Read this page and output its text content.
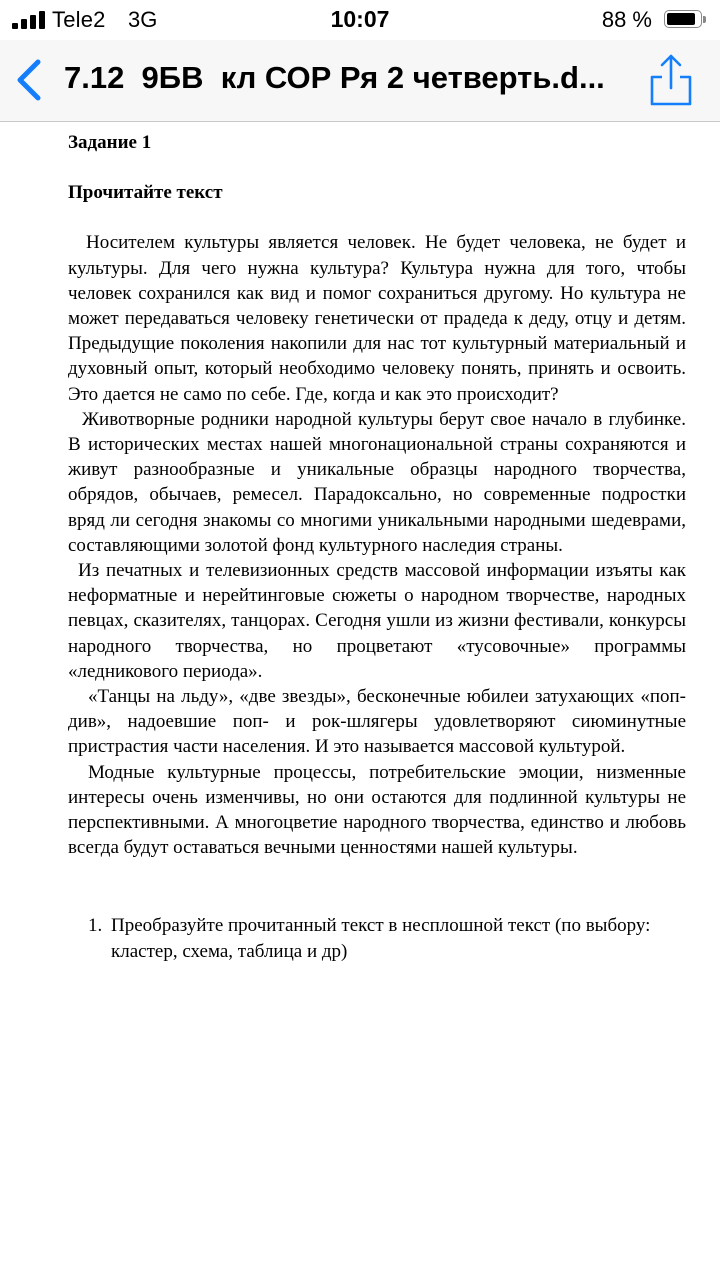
Tele2 3G	10:07	88 %
7.12  9БВ  кл СОР Ря 2 четверть.d...

Задание 1

Прочитайте текст

Носителем культуры является человек. Не будет человека, не будет и культуры. Для чего нужна культура? Культура нужна для того, чтобы человек сохранился как вид и помог сохраниться другому. Но культура не может передаваться человеку генетически от прадеда к деду, отцу и детям. Предыдущие поколения накопили для нас тот культурный материальный и духовный опыт, который необходимо человеку понять, принять и освоить. Это дается не само по себе. Где, когда и как это происходит?

Животворные родники народной культуры берут свое начало в глубинке. В исторических местах нашей многонациональной страны сохраняются и живут разнообразные и уникальные образцы народного творчества, обрядов, обычаев, ремесел. Парадоксально, но современные подростки вряд ли сегодня знакомы со многими уникальными народными шедеврами, составляющими золотой фонд культурного наследия страны.

Из печатных и телевизионных средств массовой информации изъяты как неформатные и нерейтинговые сюжеты о народном творчестве, народных певцах, сказителях, танцорах. Сегодня ушли из жизни фестивали, конкурсы народного творчества, но процветают «тусовочные» программы «ледникового периода».

«Танцы на льду», «две звезды», бесконечные юбилеи затухающих «поп-див», надоевшие поп- и рок-шлягеры удовлетворяют сиюминутные пристрастия части населения. И это называется массовой культурой.

Модные культурные процессы, потребительские эмоции, низменные интересы очень изменчивы, но они остаются для подлинной культуры не перспективными. А многоцветие народного творчества, единство и любовь всегда будут оставаться вечными ценностями нашей культуры.

1. Преобразуйте прочитанный текст в несплошной текст (по выбору: кластер, схема, таблица и др)
